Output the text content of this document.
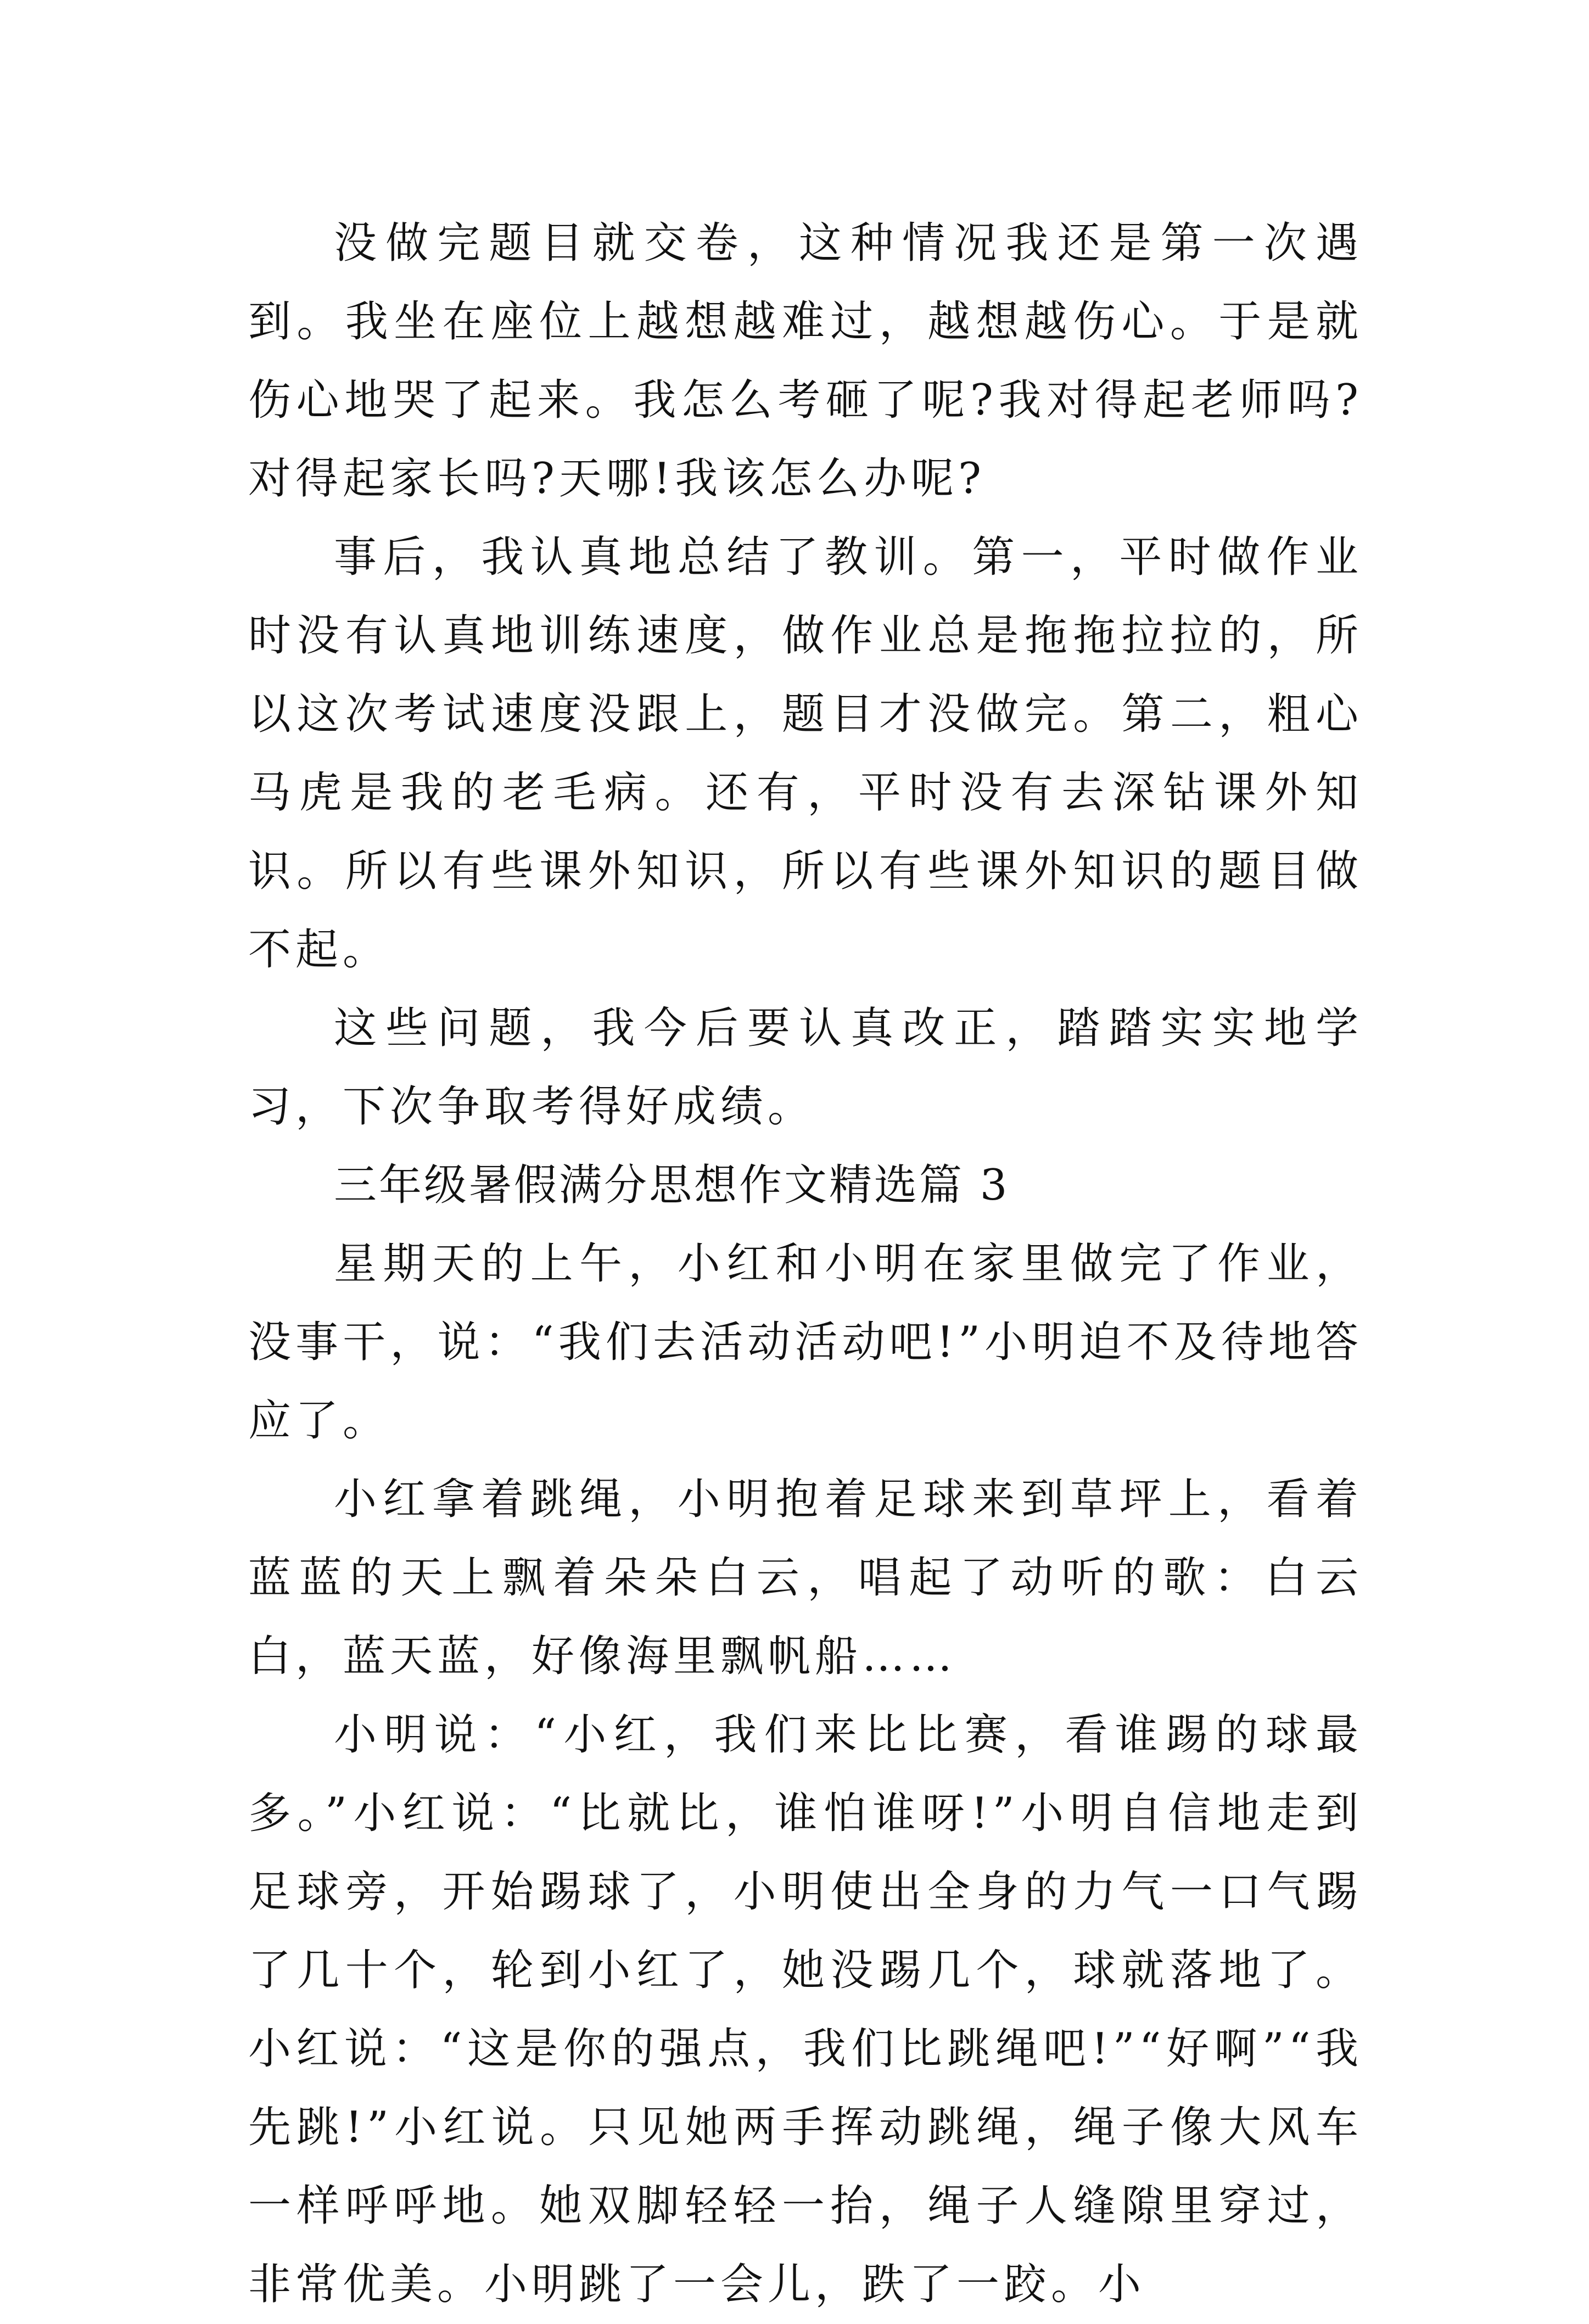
没做完题目就交卷，这种情况我还是第一次遇到。我坐在座位上越想越难过，越想越伤心。于是就伤心地哭了起来。我怎么考砸了呢?我对得起老师吗?对得起家长吗?天哪!我该怎么办呢?

事后，我认真地总结了教训。第一，平时做作业时没有认真地训练速度，做作业总是拖拖拉拉的，所以这次考试速度没跟上，题目才没做完。第二，粗心马虎是我的老毛病。还有，平时没有去深钻课外知识。所以有些课外知识，所以有些课外知识的题目做不起。

这些问题，我今后要认真改正，踏踏实实地学习，下次争取考得好成绩。

三年级暑假满分思想作文精选篇 3

星期天的上午，小红和小明在家里做完了作业，没事干，说：“我们去活动活动吧!”小明迫不及待地答应了。

小红拿着跳绳，小明抱着足球来到草坪上，看着蓝蓝的天上飘着朵朵白云，唱起了动听的歌：白云白，蓝天蓝，好像海里飘帆船……

小明说：“小红，我们来比比赛，看谁踢的球最多。”小红说：“比就比，谁怕谁呀!”小明自信地走到足球旁，开始踢球了，小明使出全身的力气一口气踢了几十个，轮到小红了，她没踢几个，球就落地了。小红说：“这是你的强点，我们比跳绳吧!”“好啊”“我先跳!”小红说。只见她两手挥动跳绳，绳子像大风车一样呼呼地。她双脚轻轻一抬，绳子人缝隙里穿过，非常优美。小明跳了一会儿，跌了一跤。小
